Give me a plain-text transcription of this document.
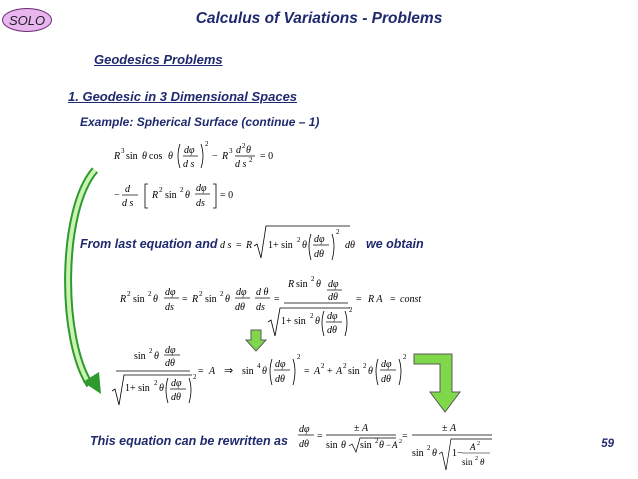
SOLO	Calculus of Variations - Problems
Geodesics Problems
1. Geodesic in 3 Dimensional Spaces
Example: Spherical Surface (continue – 1)
R 3 sin θ cos θ
dφ
d s
2
− R 3 d 2 θ
d s 2 = 0
−
d
d s
R 2 sin 2 θ
dφ
ds
= 0
From last equation and d s = R 1+ sin 2 θ
dφ
dθ
2
dθ we obtain
R 2 sin 2 θ
dφ
ds
= R 2 sin 2 θ
dφ
dθ
d θ
ds
=
R sin 2 θ dφ
dθ
1+ sin 2 θ dφ
dθ
2
= R A = const
sin 2 θ
dφ
dθ
1+ sin 2 θ dφ
dθ
2 = A ⇒ sin 4 θ
dφ
dθ
2
= A 2 + A 2 sin 2 θ
dφ
dθ
2
This equation can be rewritten as
dφ
dθ
=
± A
sin θ sin 2 θ − A 2 =
± A
sin 2 θ 1−
A 2
sin 2 θ
59
